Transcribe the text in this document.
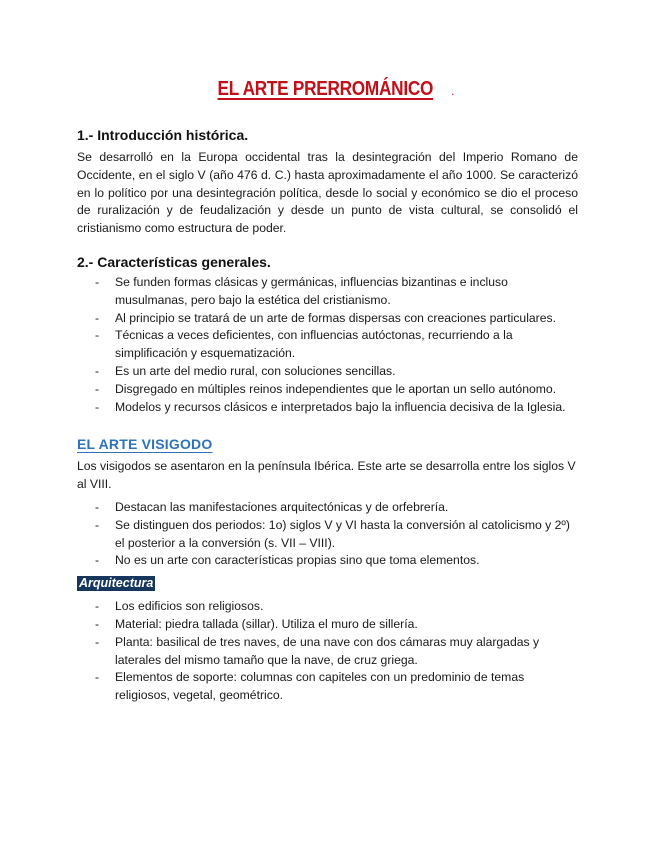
EL ARTE PRERROMÁNICO .
1.- Introducción histórica.

Se desarrolló en la Europa occidental tras la desintegración del Imperio Romano de Occidente, en el siglo V (año 476 d. C.) hasta aproximadamente el año 1000. Se caracterizó en lo político por una desintegración política, desde lo social y económico se dio el proceso de ruralización y de feudalización y desde un punto de vista cultural, se consolidó el cristianismo como estructura de poder.

2.- Características generales.
- Se funden formas clásicas y germánicas, influencias bizantinas e incluso musulmanas, pero bajo la estética del cristianismo.
- Al principio se tratará de un arte de formas dispersas con creaciones particulares.
- Técnicas a veces deficientes, con influencias autóctonas, recurriendo a la simplificación y esquematización.
- Es un arte del medio rural, con soluciones sencillas.
- Disgregado en múltiples reinos independientes que le aportan un sello autónomo.
- Modelos y recursos clásicos e interpretados bajo la influencia decisiva de la Iglesia.
EL ARTE VISIGODO

Los visigodos se asentaron en la península Ibérica. Este arte se desarrolla entre los siglos V al VIII.

- Destacan las manifestaciones arquitectónicas y de orfebrería.
- Se distinguen dos periodos: 1o) siglos V y VI hasta la conversión al catolicismo y 2º) el posterior a la conversión (s. VII – VIII).
- No es un arte con características propias sino que toma elementos.
Arquitectura
- Los edificios son religiosos.
- Material: piedra tallada (sillar). Utiliza el muro de sillería.
- Planta: basilical de tres naves, de una nave con dos cámaras muy alargadas y laterales del mismo tamaño que la nave, de cruz griega.
- Elementos de soporte: columnas con capiteles con un predominio de temas religiosos, vegetal, geométrico.
